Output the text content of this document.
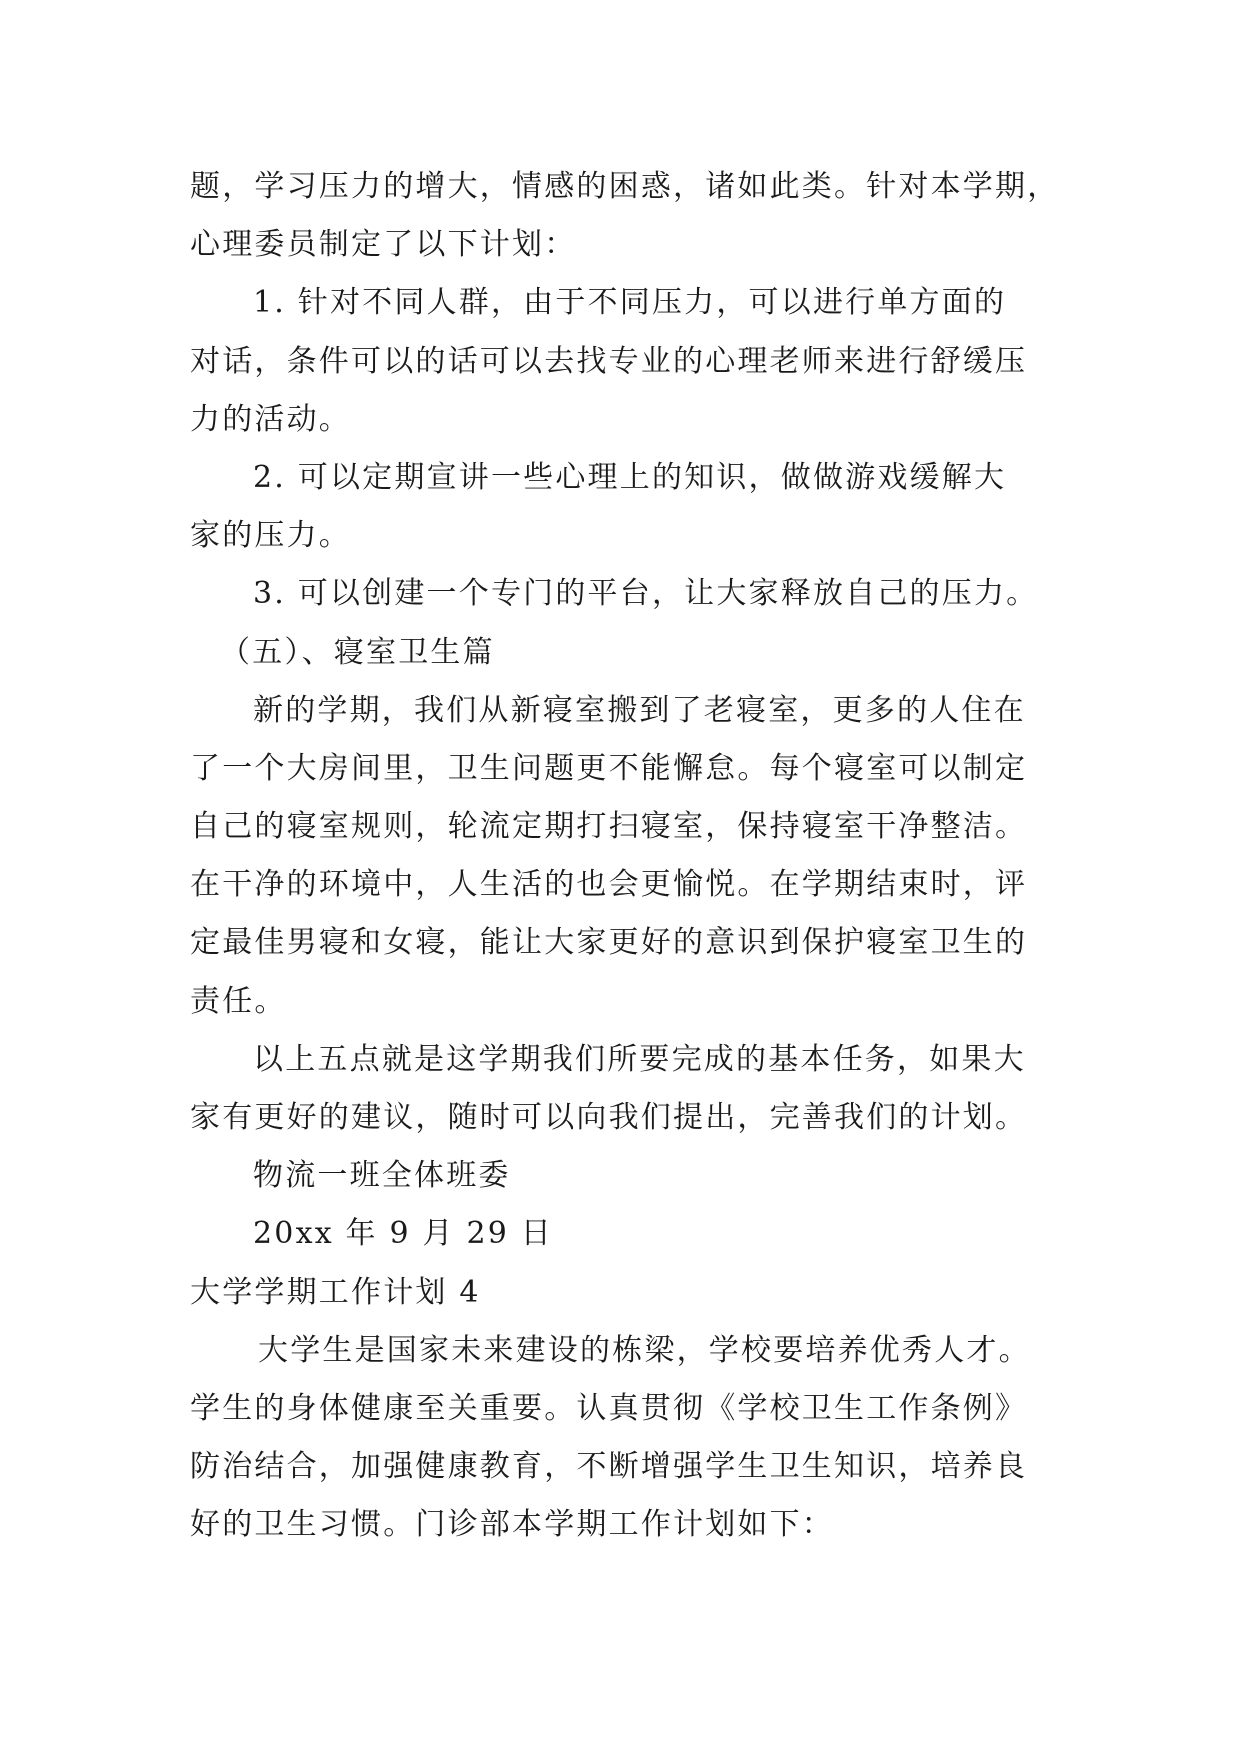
题，学习压力的增大，情感的困惑，诸如此类。针对本学期，
心理委员制定了以下计划：
1. 针对不同人群，由于不同压力，可以进行单方面的
对话，条件可以的话可以去找专业的心理老师来进行舒缓压
力的活动。
2. 可以定期宣讲一些心理上的知识，做做游戏缓解大
家的压力。
3. 可以创建一个专门的平台，让大家释放自己的压力。
（五）、寝室卫生篇
新的学期，我们从新寝室搬到了老寝室，更多的人住在
了一个大房间里，卫生问题更不能懈怠。每个寝室可以制定
自己的寝室规则，轮流定期打扫寝室，保持寝室干净整洁。
在干净的环境中，人生活的也会更愉悦。在学期结束时，评
定最佳男寝和女寝，能让大家更好的意识到保护寝室卫生的
责任。
以上五点就是这学期我们所要完成的基本任务，如果大
家有更好的建议，随时可以向我们提出，完善我们的计划。
物流一班全体班委
20xx 年 9 月 29 日
大学学期工作计划 4
大学生是国家未来建设的栋梁，学校要培养优秀人才。
学生的身体健康至关重要。认真贯彻《学校卫生工作条例》
防治结合，加强健康教育，不断增强学生卫生知识，培养良
好的卫生习惯。门诊部本学期工作计划如下：
